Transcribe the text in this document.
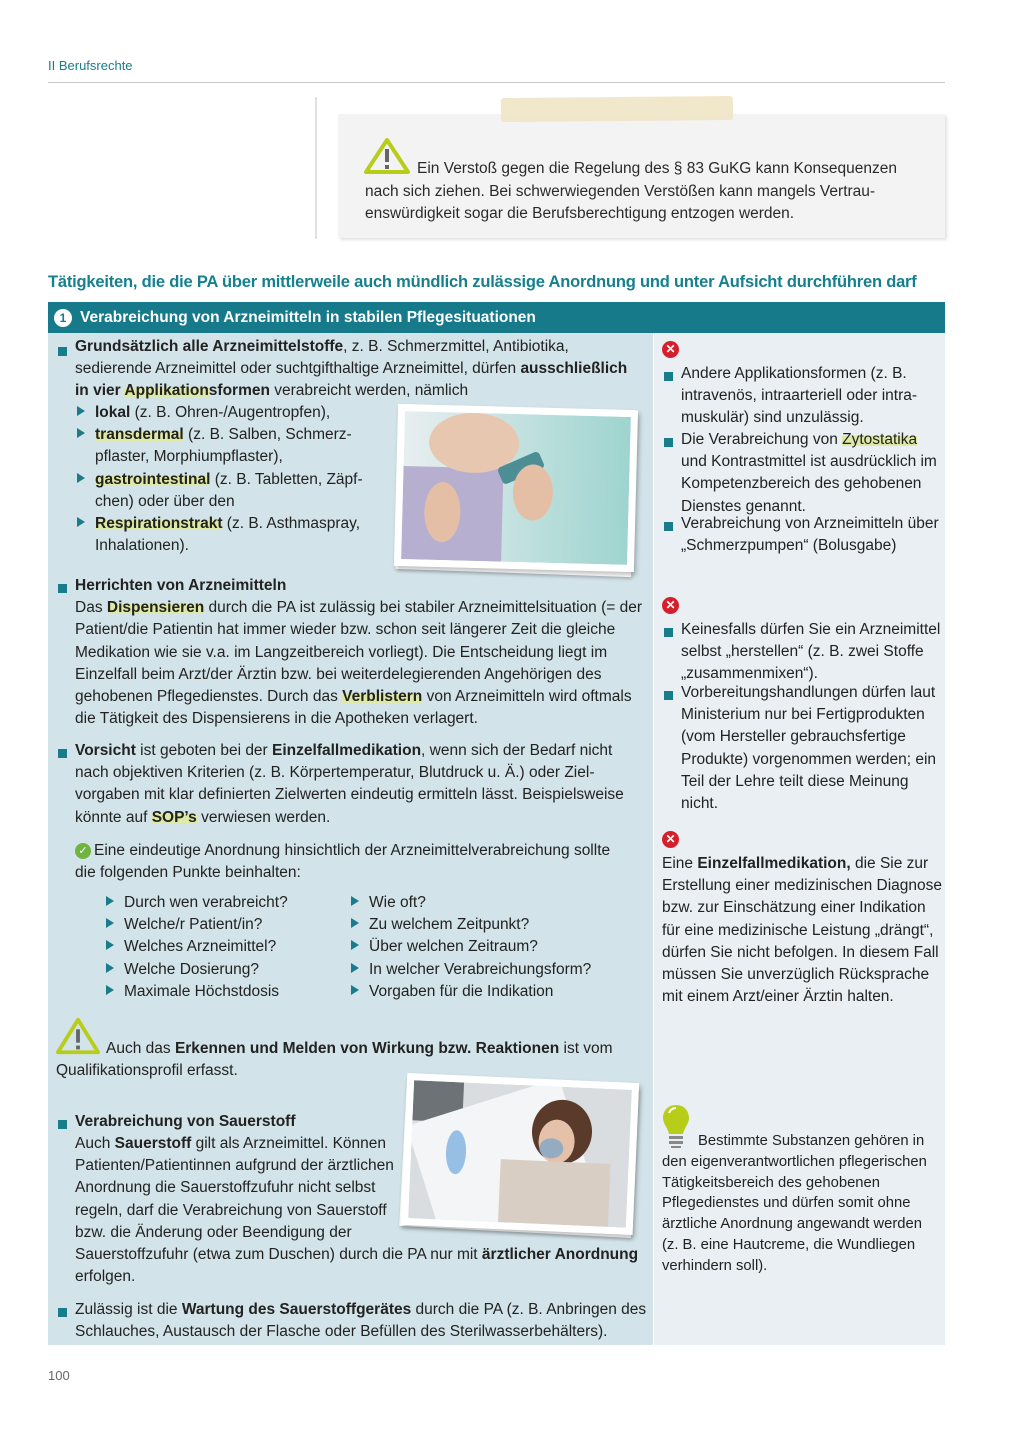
II Berufsrechte
Ein Verstoß gegen die Regelung des § 83 GuKG kann Konsequenzen nach sich ziehen. Bei schwerwiegenden Verstößen kann mangels Vertrauenswürdigkeit sogar die Berufsberechtigung entzogen werden.
Tätigkeiten, die die PA über mittlerweile auch mündlich zulässige Anordnung und unter Aufsicht durchführen darf
1 Verabreichung von Arzneimitteln in stabilen Pflegesituationen
Grundsätzlich alle Arzneimittelstoffe, z. B. Schmerzmittel, Antibiotika, sedierende Arzneimittel oder suchtgifthaltige Arzneimittel, dürfen ausschließlich in vier Applikationsformen verabreicht werden, nämlich
lokal (z. B. Ohren-/Augentropfen),
transdermal (z. B. Salben, Schmerz-pflaster, Morphiumpflaster),
gastrointestinal (z. B. Tabletten, Zäpf-chen) oder über den
Respirationstrakt (z. B. Asthmaspray, Inhalationen).
Herrichten von Arzneimitteln
Das Dispensieren durch die PA ist zulässig bei stabiler Arzneimittelsituation (= der Patient/die Patientin hat immer wieder bzw. schon seit längerer Zeit die gleiche Medikation wie sie v.a. im Langzeitbereich vorliegt). Die Entscheidung liegt im Einzelfall beim Arzt/der Ärztin bzw. bei weiterdelegierenden Angehörigen des gehobenen Pflegedienstes. Durch das Verblistern von Arzneimitteln wird oftmals die Tätigkeit des Dispensierens in die Apotheken verlagert.
Vorsicht ist geboten bei der Einzelfallmedikation, wenn sich der Bedarf nicht nach objektiven Kriterien (z. B. Körpertemperatur, Blutdruck u. Ä.) oder Zielvorgaben mit klar definierten Zielwerten eindeutig ermitteln lässt. Beispielsweise könnte auf SOP’s verwiesen werden.
✓ Eine eindeutige Anordnung hinsichtlich der Arzneimittelverabreichung sollte die folgenden Punkte beinhalten:
Durch wen verabreicht?
Welche/r Patient/in?
Welches Arzneimittel?
Welche Dosierung?
Maximale Höchstdosis
Wie oft?
Zu welchem Zeitpunkt?
Über welchen Zeitraum?
In welcher Verabreichungsform?
Vorgaben für die Indikation
Auch das Erkennen und Melden von Wirkung bzw. Reaktionen ist vom Qualifikationsprofil erfasst.
Verabreichung von Sauerstoff
Auch Sauerstoff gilt als Arzneimittel. Können Patienten/Patientinnen aufgrund der ärztlichen Anordnung die Sauerstoffzufuhr nicht selbst regeln, darf die Verabreichung von Sauerstoff bzw. die Änderung oder Beendigung der Sauerstoffzufuhr (etwa zum Duschen) durch die PA nur mit ärztlicher Anordnung erfolgen.
Zulässig ist die Wartung des Sauerstoffgerätes durch die PA (z. B. Anbringen des Schlauches, Austausch der Flasche oder Befüllen des Sterilwasserbehälters).
✕
Andere Applikationsformen (z. B. intravenös, intraarteriell oder intramuskulär) sind unzulässig.
Die Verabreichung von Zytostatika und Kontrastmittel ist ausdrücklich im Kompetenzbereich des gehobenen Dienstes genannt.
Verabreichung von Arzneimitteln über „Schmerzpumpen“ (Bolusgabe)
✕
Keinesfalls dürfen Sie ein Arzneimittel selbst „herstellen“ (z. B. zwei Stoffe „zusammenmixen“).
Vorbereitungshandlungen dürfen laut Ministerium nur bei Fertigprodukten (vom Hersteller gebrauchsfertige Produkte) vorgenommen werden; ein Teil der Lehre teilt diese Meinung nicht.
✕
Eine Einzelfallmedikation, die Sie zur Erstellung einer medizinischen Diagnose bzw. zur Einschätzung einer Indikation für eine medizinische Leistung „drängt“, dürfen Sie nicht befolgen. In diesem Fall müssen Sie unverzüglich Rücksprache mit einem Arzt/einer Ärztin halten.
Bestimmte Substanzen gehören in den eigenverantwortlichen pflegerischen Tätigkeitsbereich des gehobenen Pflegedienstes und dürfen somit ohne ärztliche Anordnung angewandt werden (z. B. eine Hautcreme, die Wundliegen verhindern soll).
100
